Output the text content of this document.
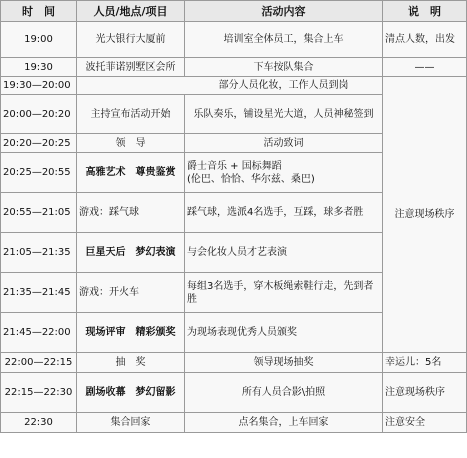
时　间	人员/地点/项目	活动内容	说　明
19:00	光大银行大厦前	培训室全体员工，集合上车	清点人数，出发
19:30	波托菲诺别墅区会所	下车按队集合	——
19:30—20:00	部分人员化妆，工作人员到岗		注意现场秩序
20:00—20:20	主持宣布活动开始	乐队奏乐，铺设星光大道，人员神秘签到	
20:20—20:25	领　导	活动致词	
20:25—20:55	高雅艺术　尊贵鉴赏	爵士音乐 + 国标舞蹈
(伦巴、恰恰、华尔兹、桑巴)	
20:55—21:05	游戏：踩气球	踩气球，选派4名选手，互踩，球多者胜	
21:05—21:35	巨星天后　梦幻表演	与会化妆人员才艺表演	
21:35—21:45	游戏：开火车	每组3名选手，穿木板绳索鞋行走，先到者胜	
21:45—22:00	现场评审　精彩颁奖	为现场表现优秀人员颁奖	
22:00—22:15	抽　奖	领导现场抽奖	幸运儿：5名
22:15—22:30	剧场收幕　梦幻留影	所有人员合影\拍照	注意现场秩序
22:30	集合回家	点名集合，上车回家	注意安全
